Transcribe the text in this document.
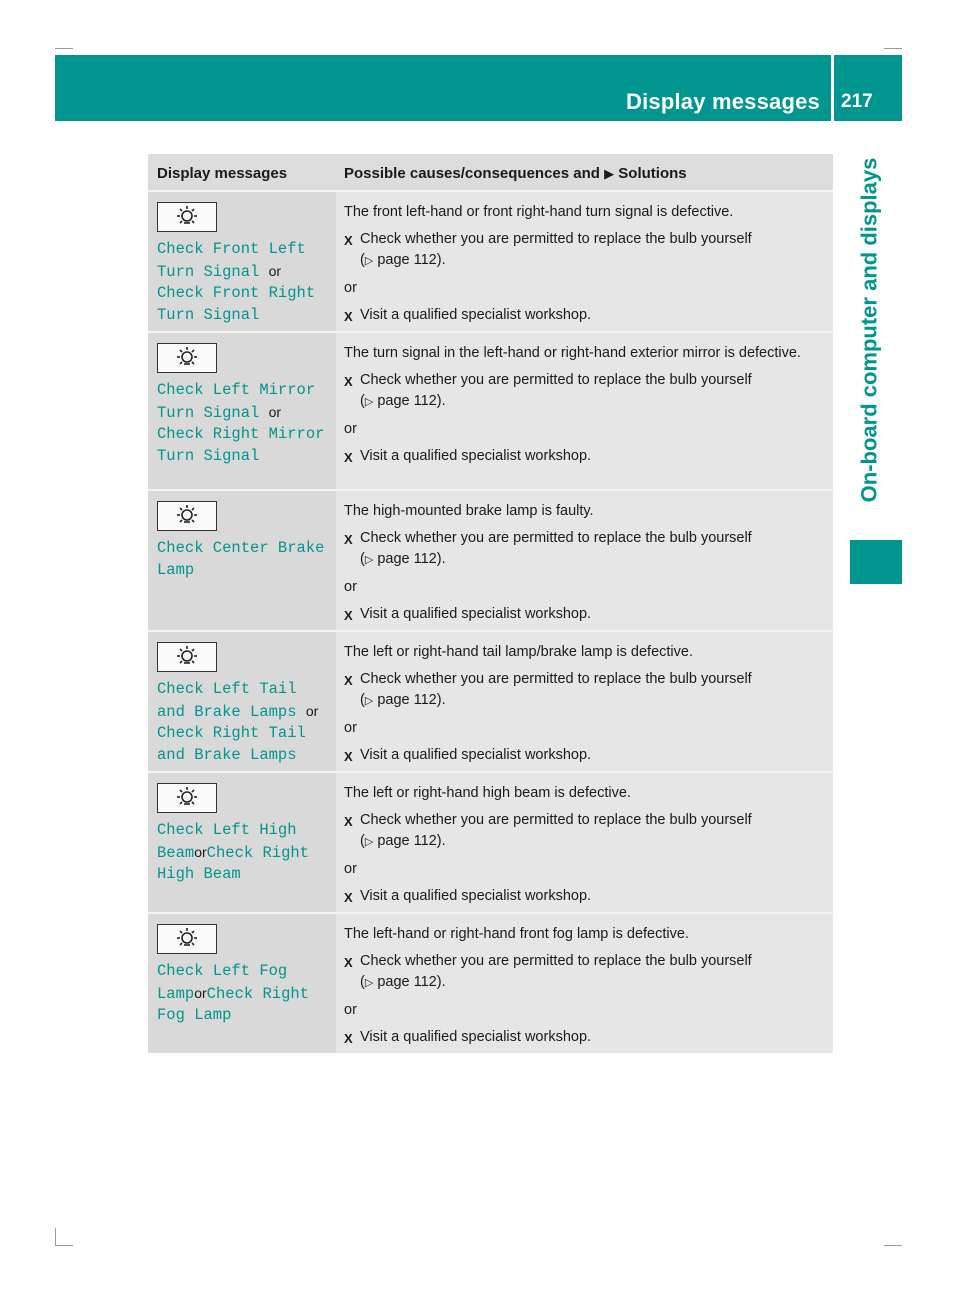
Display messages 217
On-board computer and displays
Display messages	Possible causes/consequences and ▶ Solutions
Check Front Left
Turn Signal or
Check Front Right
Turn Signal
The front left-hand or front right-hand turn signal is defective.
X Check whether you are permitted to replace the bulb yourself
(▷ page 112).
or
X Visit a qualified specialist workshop.
Check Left Mirror
Turn Signal or
Check Right Mirror
Turn Signal
The turn signal in the left-hand or right-hand exterior mirror is defective.
X Check whether you are permitted to replace the bulb yourself
(▷ page 112).
or
X Visit a qualified specialist workshop.
Check Center Brake
Lamp
The high-mounted brake lamp is faulty.
X Check whether you are permitted to replace the bulb yourself
(▷ page 112).
or
X Visit a qualified specialist workshop.
Check Left Tail
and Brake Lamps or
Check Right Tail
and Brake Lamps
The left or right-hand tail lamp/brake lamp is defective.
X Check whether you are permitted to replace the bulb yourself
(▷ page 112).
or
X Visit a qualified specialist workshop.
Check Left High
BeamorCheck Right
High Beam
The left or right-hand high beam is defective.
X Check whether you are permitted to replace the bulb yourself
(▷ page 112).
or
X Visit a qualified specialist workshop.
Check Left Fog
LamporCheck Right
Fog Lamp
The left-hand or right-hand front fog lamp is defective.
X Check whether you are permitted to replace the bulb yourself
(▷ page 112).
or
X Visit a qualified specialist workshop.
